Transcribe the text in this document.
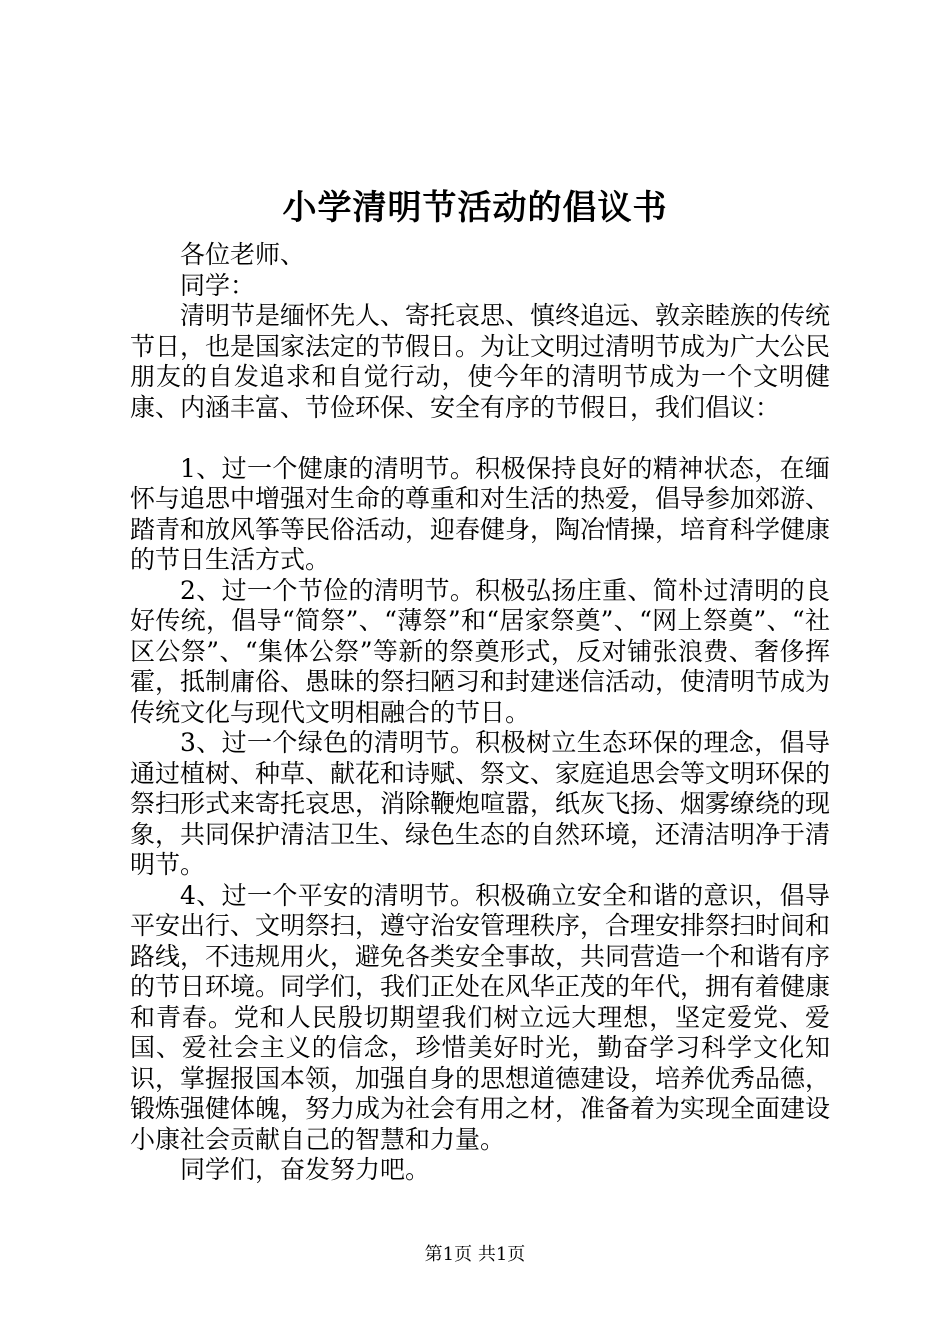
小学清明节活动的倡议书

各位老师、

同学：

清明节是缅怀先人、寄托哀思、慎终追远、敦亲睦族的传统节日，也是国家法定的节假日。为让文明过清明节成为广大公民朋友的自发追求和自觉行动，使今年的清明节成为一个文明健康、内涵丰富、节俭环保、安全有序的节假日，我们倡议：

1、过一个健康的清明节。积极保持良好的精神状态，在缅怀与追思中增强对生命的尊重和对生活的热爱，倡导参加郊游、踏青和放风筝等民俗活动，迎春健身，陶冶情操，培育科学健康的节日生活方式。

2、过一个节俭的清明节。积极弘扬庄重、简朴过清明的良好传统，倡导“简祭”、“薄祭”和“居家祭奠”、“网上祭奠”、“社区公祭”、“集体公祭”等新的祭奠形式，反对铺张浪费、奢侈挥霍，抵制庸俗、愚昧的祭扫陋习和封建迷信活动，使清明节成为传统文化与现代文明相融合的节日。

3、过一个绿色的清明节。积极树立生态环保的理念，倡导通过植树、种草、献花和诗赋、祭文、家庭追思会等文明环保的祭扫形式来寄托哀思，消除鞭炮喧嚣，纸灰飞扬、烟雾缭绕的现象，共同保护清洁卫生、绿色生态的自然环境，还清洁明净于清明节。

4、过一个平安的清明节。积极确立安全和谐的意识，倡导平安出行、文明祭扫，遵守治安管理秩序，合理安排祭扫时间和路线，不违规用火，避免各类安全事故，共同营造一个和谐有序的节日环境。同学们，我们正处在风华正茂的年代，拥有着健康和青春。党和人民殷切期望我们树立远大理想，坚定爱党、爱国、爱社会主义的信念，珍惜美好时光，勤奋学习科学文化知识，掌握报国本领，加强自身的思想道德建设，培养优秀品德，锻炼强健体魄，努力成为社会有用之材，准备着为实现全面建设小康社会贡献自己的智慧和力量。

同学们，奋发努力吧。

第1页 共1页
